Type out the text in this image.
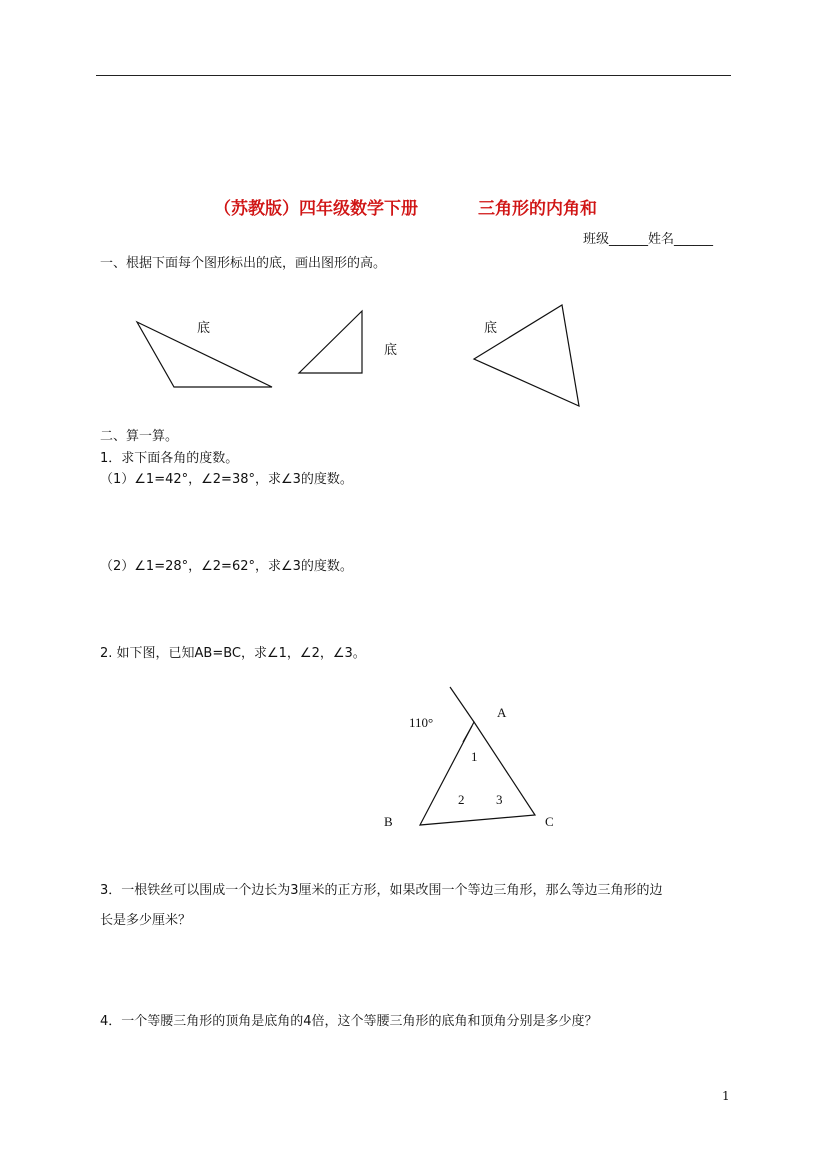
（苏教版）四年级数学下册	三角形的内角和
班级______姓名______
一、根据下面每个图形标出的底，画出图形的高。
底
底
底
110°
A
1
2 3
B	C
二、算一算。
1．求下面各角的度数。
（1）∠1=42°，∠2=38°，求∠3的度数。
（2）∠1=28°，∠2=62°，求∠3的度数。
2. 如下图，已知AB=BC，求∠1，∠2，∠3。
3．一根铁丝可以围成一个边长为3厘米的正方形，如果改围一个等边三角形，那么等边三角形的边
长是多少厘米？
4．一个等腰三角形的顶角是底角的4倍，这个等腰三角形的底角和顶角分别是多少度？
1
